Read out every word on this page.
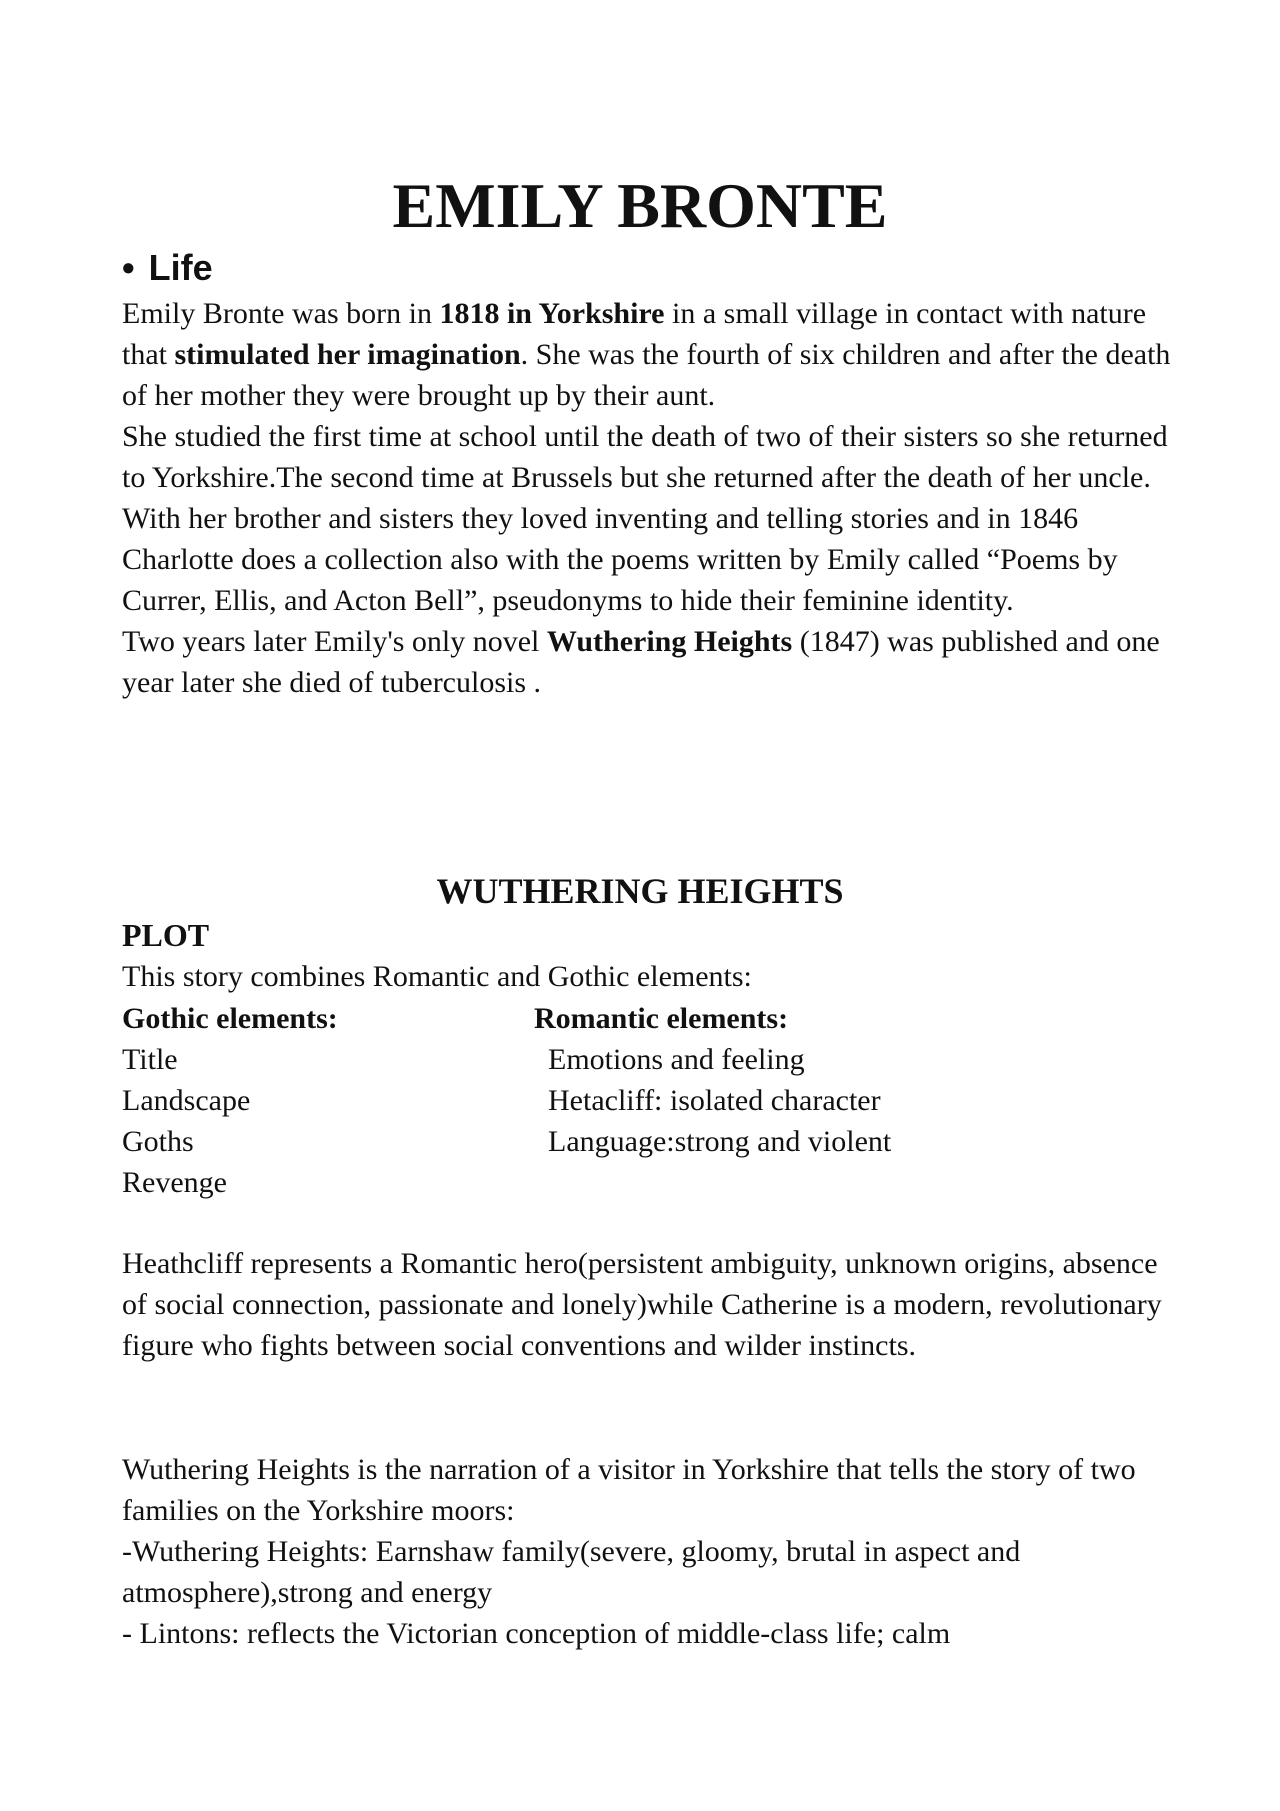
EMILY BRONTE
• Life

Emily Bronte was born in 1818 in Yorkshire in a small village in contact with nature that stimulated her imagination. She was the fourth of six children and after the death of her mother they were brought up by their aunt.

She studied the first time at school until the death of two of their sisters so she returned to Yorkshire.The second time at Brussels but she returned after the death of her uncle.

With her brother and sisters they loved inventing and telling stories and in 1846 Charlotte does a collection also with the poems written by Emily called “Poems by Currer, Ellis, and Acton Bell”, pseudonyms to hide their feminine identity.

Two years later Emily's only novel Wuthering Heights (1847) was published and one year later she died of tuberculosis .

WUTHERING HEIGHTS
PLOT

This story combines Romantic and Gothic elements:

Gothic elements:
Title
Landscape
Goths
Revenge
Romantic elements:
Emotions and feeling
Hetacliff: isolated character
Language:strong and violent

Heathcliff represents a Romantic hero(persistent ambiguity, unknown origins, absence of social connection, passionate and lonely)while Catherine is a modern, revolutionary figure who fights between social conventions and wilder instincts.

Wuthering Heights is the narration of a visitor in Yorkshire that tells the story of two families on the Yorkshire moors:

-Wuthering Heights: Earnshaw family(severe, gloomy, brutal in aspect and atmosphere),strong and energy

- Lintons: reflects the Victorian conception of middle-class life; calm
